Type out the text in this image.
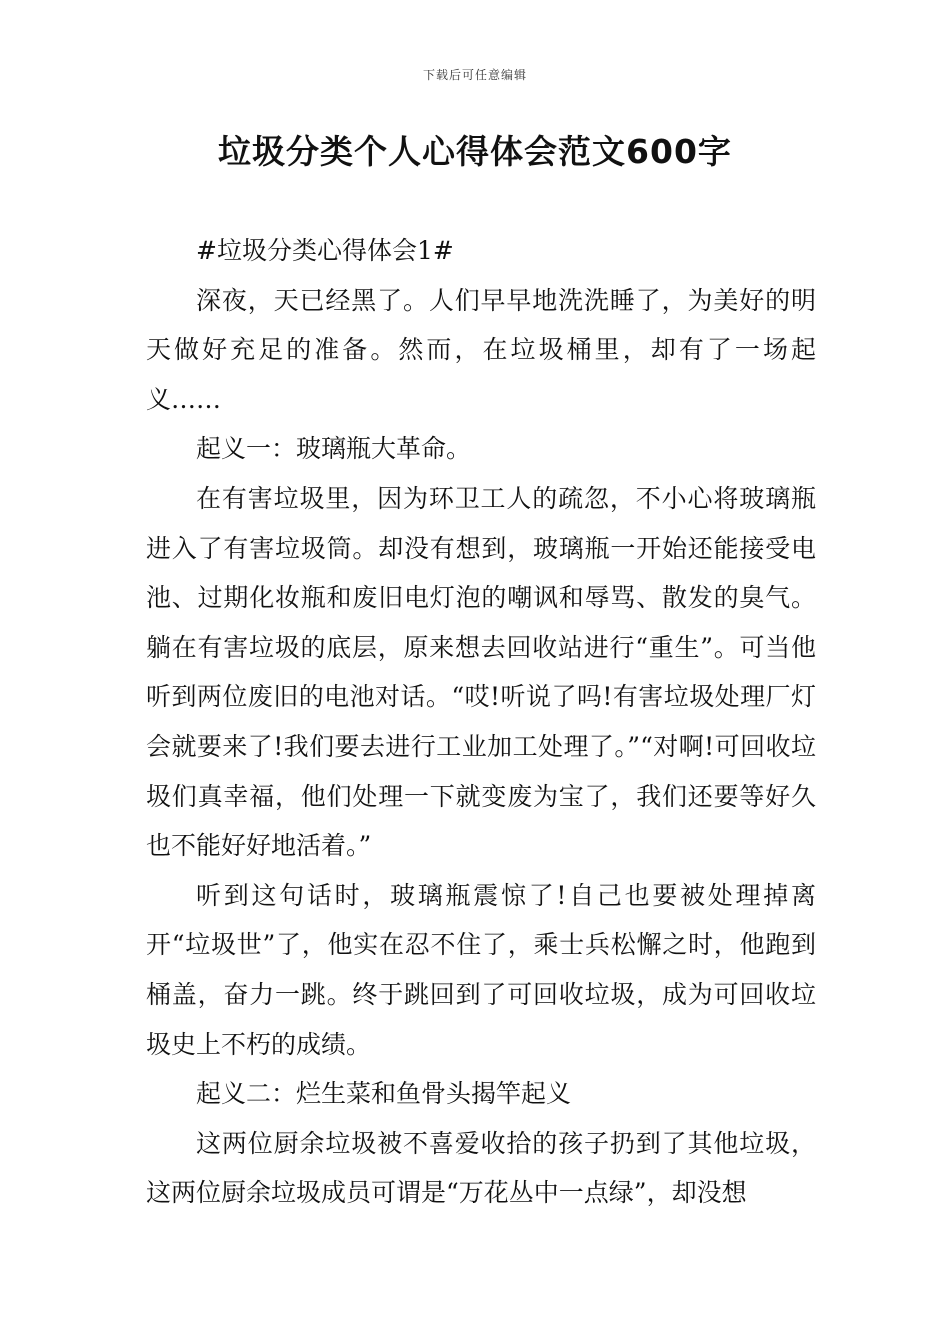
下载后可任意编辑
垃圾分类个人心得体会范文600字

#垃圾分类心得体会1#

深夜，天已经黑了。人们早早地洗洗睡了，为美好的明天做好充足的准备。然而，在垃圾桶里，却有了一场起义……

起义一：玻璃瓶大革命。

在有害垃圾里，因为环卫工人的疏忽，不小心将玻璃瓶进入了有害垃圾筒。却没有想到，玻璃瓶一开始还能接受电池、过期化妆瓶和废旧电灯泡的嘲讽和辱骂、散发的臭气。躺在有害垃圾的底层，原来想去回收站进行“重生”。可当他听到两位废旧的电池对话。“哎!听说了吗!有害垃圾处理厂灯会就要来了!我们要去进行工业加工处理了。”“对啊!可回收垃圾们真幸福，他们处理一下就变废为宝了，我们还要等好久也不能好好地活着。”

听到这句话时，玻璃瓶震惊了!自己也要被处理掉离开“垃圾世”了，他实在忍不住了，乘士兵松懈之时，他跑到桶盖，奋力一跳。终于跳回到了可回收垃圾，成为可回收垃圾史上不朽的成绩。

起义二：烂生菜和鱼骨头揭竿起义

这两位厨余垃圾被不喜爱收拾的孩子扔到了其他垃圾，这两位厨余垃圾成员可谓是“万花丛中一点绿”，却没想
